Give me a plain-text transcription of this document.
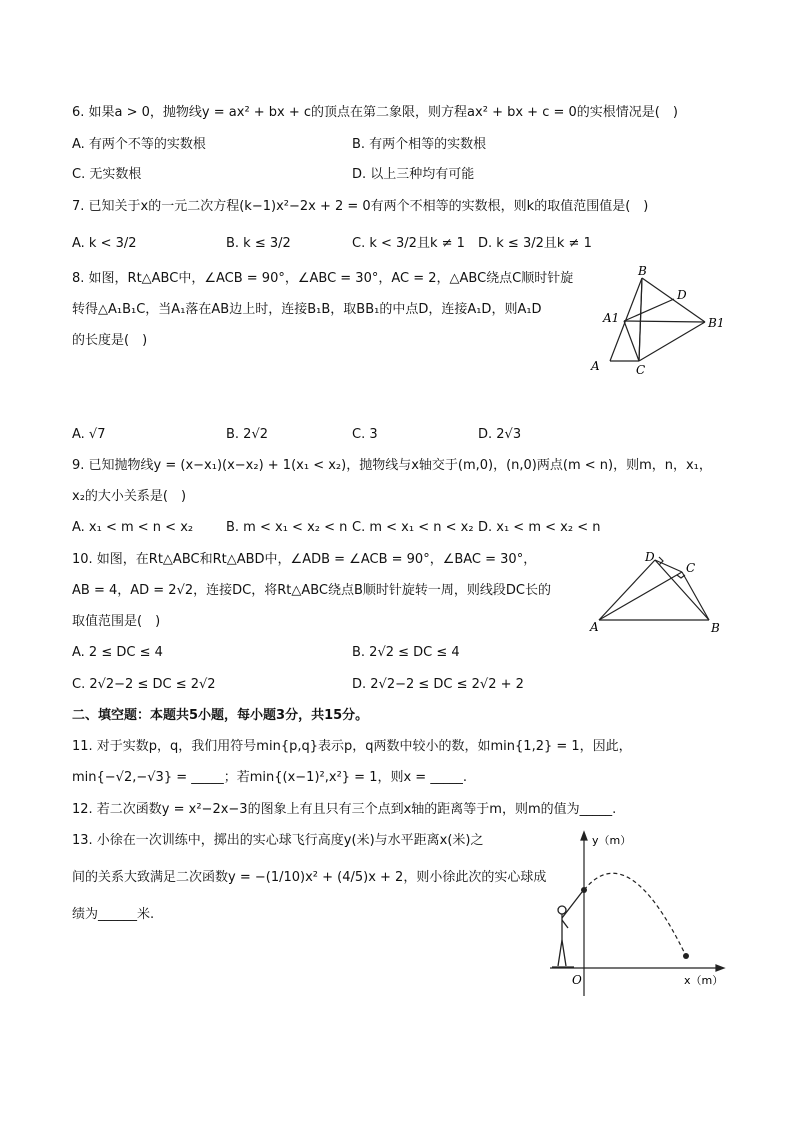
6. 如果a > 0，抛物线y = ax² + bx + c的顶点在第二象限，则方程ax² + bx + c = 0的实根情况是(　)
A. 有两个不等的实数根	B. 有两个相等的实数根
C. 无实数根	D. 以上三种均有可能
7. 已知关于x的一元二次方程(k−1)x²−2x + 2 = 0有两个不相等的实数根，则k的取值范围值是(　)
A. k < 3/2	B. k ≤ 3/2	C. k < 3/2且k ≠ 1 D. k ≤ 3/2且k ≠ 1
8. 如图，Rt△ABC中，∠ACB = 90°，∠ABC = 30°，AC = 2，△ABC绕点C顺时针旋
转得△A₁B₁C，当A₁落在AB边上时，连接B₁B，取BB₁的中点D，连接A₁D，则A₁D
的长度是(　)
B
D
A1	B1
A	C
A. √7	B. 2√2	C. 3	D. 2√3
9. 已知抛物线y = (x−x₁)(x−x₂) + 1(x₁ < x₂)，抛物线与x轴交于(m,0)，(n,0)两点(m < n)，则m，n，x₁，
x₂的大小关系是(　)
A. x₁ < m < n < x₂	B. m < x₁ < x₂ < n C. m < x₁ < n < x₂ D. x₁ < m < x₂ < n
10. 如图，在Rt△ABC和Rt△ABD中，∠ADB = ∠ACB = 90°，∠BAC = 30°，
AB = 4，AD = 2√2，连接DC，将Rt△ABC绕点B顺时针旋转一周，则线段DC长的
取值范围是(　)
D
C
A	B
A. 2 ≤ DC ≤ 4	B. 2√2 ≤ DC ≤ 4
C. 2√2−2 ≤ DC ≤ 2√2	D. 2√2−2 ≤ DC ≤ 2√2 + 2
二、填空题：本题共5小题，每小题3分，共15分。
11. 对于实数p，q，我们用符号min{p,q}表示p，q两数中较小的数，如min{1,2} = 1，因此，
min{−√2,−√3} = _____；若min{(x−1)²,x²} = 1，则x = _____.
12. 若二次函数y = x²−2x−3的图象上有且只有三个点到x轴的距离等于m，则m的值为_____.
13. 小徐在一次训练中，掷出的实心球飞行高度y(米)与水平距离x(米)之
间的关系大致满足二次函数y = −(1/10)x² + (4/5)x + 2，则小徐此次的实心球成
绩为______米.
y（m）
x（m）
O
